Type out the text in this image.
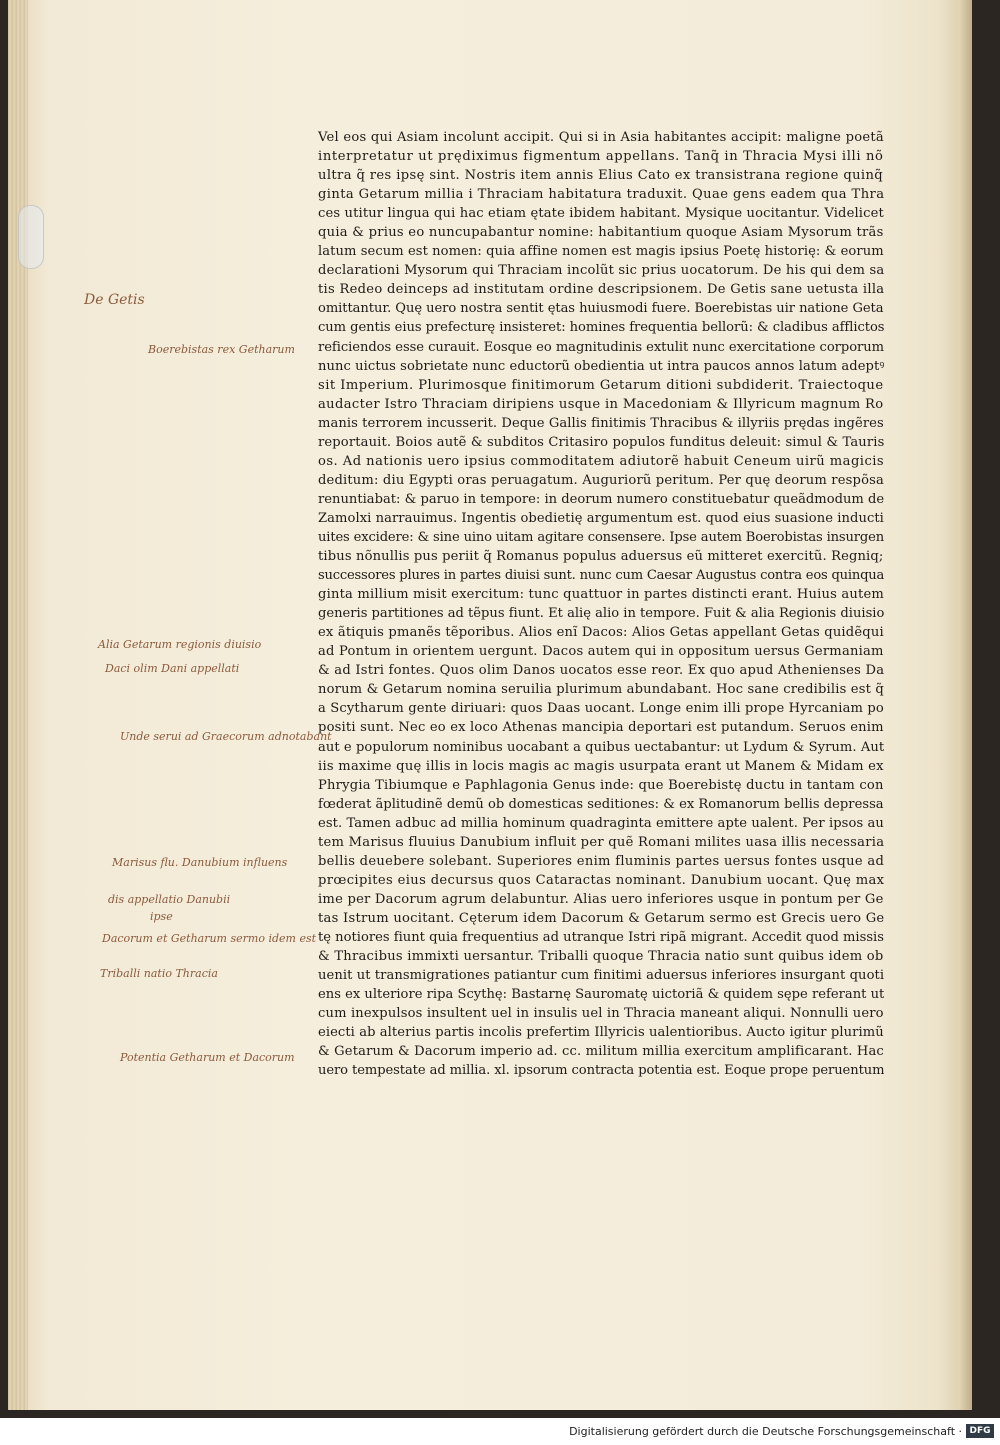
Vel eos qui Asiam incolunt accipit. Qui si in Asia habitantes accipit: maligne poetã
interpretatur ut prędiximus figmentum appellans. Tanq̃ in Thracia Mysi illi nõ
ultra q̃ res ipsę sint. Nostris item annis Elius Cato ex transistrana regione quinq̃
ginta Getarum millia i Thraciam habitatura traduxit. Quae gens eadem qua Thra
ces utitur lingua qui hac etiam ętate ibidem habitant. Mysique uocitantur. Videlicet
quia & prius eo nuncupabantur nomine: habitantium quoque Asiam Mysorum trãs
latum secum est nomen: quia affine nomen est magis ipsius Poetę historię: & eorum
declarationi Mysorum qui Thraciam incolũt sic prius uocatorum. De his qui dem sa
tis Redeo deinceps ad institutam ordine descripsionem. De Getis sane uetusta illa
omittantur. Quę uero nostra sentit ętas huiusmodi fuere. Boerebistas uir natione Geta
cum gentis eius prefecturę insisteret: homines frequentia bellorũ: & cladibus afflictos
reficiendos esse curauit. Eosque eo magnitudinis extulit nunc exercitatione corporum
nunc uictus sobrietate nunc eductorũ obedientia ut intra paucos annos latum adeptꝰ
sit Imperium. Plurimosque finitimorum Getarum ditioni subdiderit. Traiectoque
audacter Istro Thraciam diripiens usque in Macedoniam & Illyricum magnum Ro
manis terrorem incusserit. Deque Gallis finitimis Thracibus & illyriis prędas ingẽres
reportauit. Boios autẽ & subditos Critasiro populos funditus deleuit: simul & Tauris
os. Ad nationis uero ipsius commoditatem adiutorẽ habuit Ceneum uirũ magicis
deditum: diu Egypti oras peruagatum. Auguriorũ peritum. Per quę deorum respõsa
renuntiabat: & paruo in tempore: in deorum numero constituebatur queãdmodum de
Zamolxi narrauimus. Ingentis obedietię argumentum est. quod eius suasione inducti
uites excidere: & sine uino uitam agitare consensere. Ipse autem Boerobistas insurgen
tibus nõnullis pus periit q̃ Romanus populus aduersus eũ mitteret exercitũ. Regniq;
successores plures in partes diuisi sunt. nunc cum Caesar Augustus contra eos quinqua
ginta millium misit exercitum: tunc quattuor in partes distincti erant. Huius autem
generis partitiones ad tẽpus fiunt. Et alię alio in tempore. Fuit & alia Regionis diuisio
ex ãtiquis pmanẽs tẽporibus. Alios enĩ Dacos: Alios Getas appellant Getas quidẽqui
ad Pontum in orientem uergunt. Dacos autem qui in oppositum uersus Germaniam
& ad Istri fontes. Quos olim Danos uocatos esse reor. Ex quo apud Athenienses Da
norum & Getarum nomina seruilia plurimum abundabant. Hoc sane credibilis est q̃
a Scytharum gente diriuari: quos Daas uocant. Longe enim illi prope Hyrcaniam po
positi sunt. Nec eo ex loco Athenas mancipia deportari est putandum. Seruos enim
aut e populorum nominibus uocabant a quibus uectabantur: ut Lydum & Syrum. Aut
iis maxime quę illis in locis magis ac magis usurpata erant ut Manem & Midam ex
Phrygia Tibiumque e Paphlagonia Genus inde: que Boerebistę ductu in tantam con
fœderat ãplitudinẽ demũ ob domesticas seditiones: & ex Romanorum bellis depressa
est. Tamen adbuc ad millia hominum quadraginta emittere apte ualent. Per ipsos au
tem Marisus fluuius Danubium influit per quẽ Romani milites uasa illis necessaria
bellis deuebere solebant. Superiores enim fluminis partes uersus fontes usque ad
prœcipites eius decursus quos Cataractas nominant. Danubium uocant. Quę max
ime per Dacorum agrum delabuntur. Alias uero inferiores usque in pontum per Ge
tas Istrum uocitant. Cęterum idem Dacorum & Getarum sermo est Grecis uero Ge
tę notiores fiunt quia frequentius ad utranque Istri ripã migrant. Accedit quod missis
& Thracibus immixti uersantur. Triballi quoque Thracia natio sunt quibus idem ob
uenit ut transmigrationes patiantur cum finitimi aduersus inferiores insurgant quoti
ens ex ulteriore ripa Scythę: Bastarnę Sauromatę uictoriã & quidem sępe referant ut
cum inexpulsos insultent uel in insulis uel in Thracia maneant aliqui. Nonnulli uero
eiecti ab alterius partis incolis prefertim Illyricis ualentioribus. Aucto igitur plurimũ
& Getarum & Dacorum imperio ad. cc. militum millia exercitum amplificarant. Hac
uero tempestate ad millia. xl. ipsorum contracta potentia est. Eoque prope peruentum
De Getis
Boerebistas rex Getharum
Alia Getarum regionis diuisio
Daci olim Dani appellati
Unde serui ad Graecorum adnotabant
Marisus flu. Danubium influens
dis appellatio Danubii
ipse
Dacorum et Getharum sermo idem est
Triballi natio Thracia
Potentia Getharum et Dacorum
Digitalisierung gefördert durch die Deutsche Forschungsgemeinschaft · DFG
